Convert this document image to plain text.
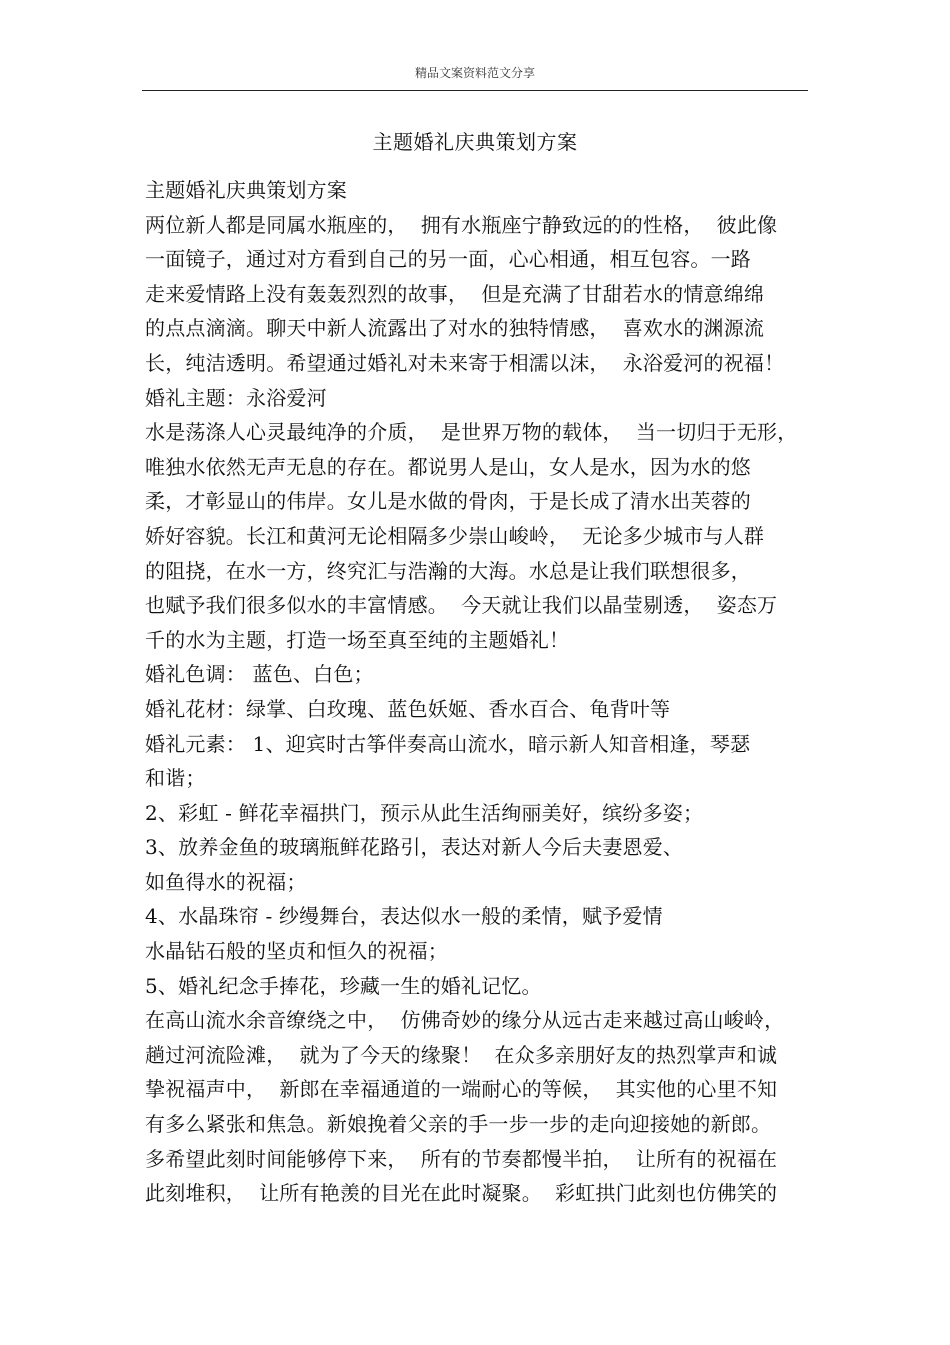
精品文案资料范文分享
主题婚礼庆典策划方案
主题婚礼庆典策划方案
两位新人都是同属水瓶座的，  拥有水瓶座宁静致远的的性格，  彼此像
一面镜子，通过对方看到自己的另一面，心心相通，相互包容。一路
走来爱情路上没有轰轰烈烈的故事，  但是充满了甘甜若水的情意绵绵
的点点滴滴。聊天中新人流露出了对水的独特情感，  喜欢水的渊源流
长，纯洁透明。希望通过婚礼对未来寄于相濡以沫，  永浴爱河的祝福！
婚礼主题：永浴爱河
水是荡涤人心灵最纯净的介质，  是世界万物的载体，  当一切归于无形，
唯独水依然无声无息的存在。都说男人是山，女人是水，因为水的悠
柔，才彰显山的伟岸。女儿是水做的骨肉，于是长成了清水出芙蓉的
娇好容貌。长江和黄河无论相隔多少崇山峻岭，  无论多少城市与人群
的阻挠，在水一方，终究汇与浩瀚的大海。水总是让我们联想很多，
也赋予我们很多似水的丰富情感。  今天就让我们以晶莹剔透，  姿态万
千的水为主题，打造一场至真至纯的主题婚礼！
婚礼色调： 蓝色、白色；
婚礼花材：绿掌、白玫瑰、蓝色妖姬、香水百合、龟背叶等
婚礼元素： 1、迎宾时古筝伴奏高山流水，暗示新人知音相逢，琴瑟
和谐；
2、彩虹 - 鲜花幸福拱门，预示从此生活绚丽美好，缤纷多姿；
3、放养金鱼的玻璃瓶鲜花路引，表达对新人今后夫妻恩爱、
如鱼得水的祝福；
4、水晶珠帘 - 纱缦舞台，表达似水一般的柔情，赋予爱情
水晶钻石般的坚贞和恒久的祝福；
5、婚礼纪念手捧花，珍藏一生的婚礼记忆。
在高山流水余音缭绕之中，  仿佛奇妙的缘分从远古走来越过高山峻岭，
趟过河流险滩，  就为了今天的缘聚！  在众多亲朋好友的热烈掌声和诚
挚祝福声中，  新郎在幸福通道的一端耐心的等候，  其实他的心里不知
有多么紧张和焦急。新娘挽着父亲的手一步一步的走向迎接她的新郎。
多希望此刻时间能够停下来，  所有的节奏都慢半拍，  让所有的祝福在
此刻堆积，  让所有艳羡的目光在此时凝聚。  彩虹拱门此刻也仿佛笑的
